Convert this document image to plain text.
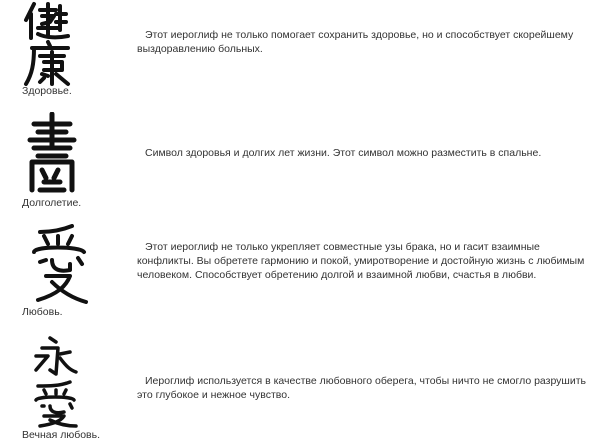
Здоровье.

Этот иероглиф не только помогает сохранить здоровье, но и способствует скорейшему выздоравлению больных.

Долголетие.

Символ здоровья и долгих лет жизни. Этот символ можно разместить в спальне.

Любовь.

Этот иероглиф не только укрепляет совместные узы брака, но и гасит взаимные конфликты. Вы обретете гармонию и покой, умиротворение и достойную жизнь с любимым человеком. Способствует обретению долгой и взаимной любви, счастья в любви.

Вечная любовь.

Иероглиф используется в качестве любовного оберега, чтобы ничто не смогло разрушить это глубокое и нежное чувство.
